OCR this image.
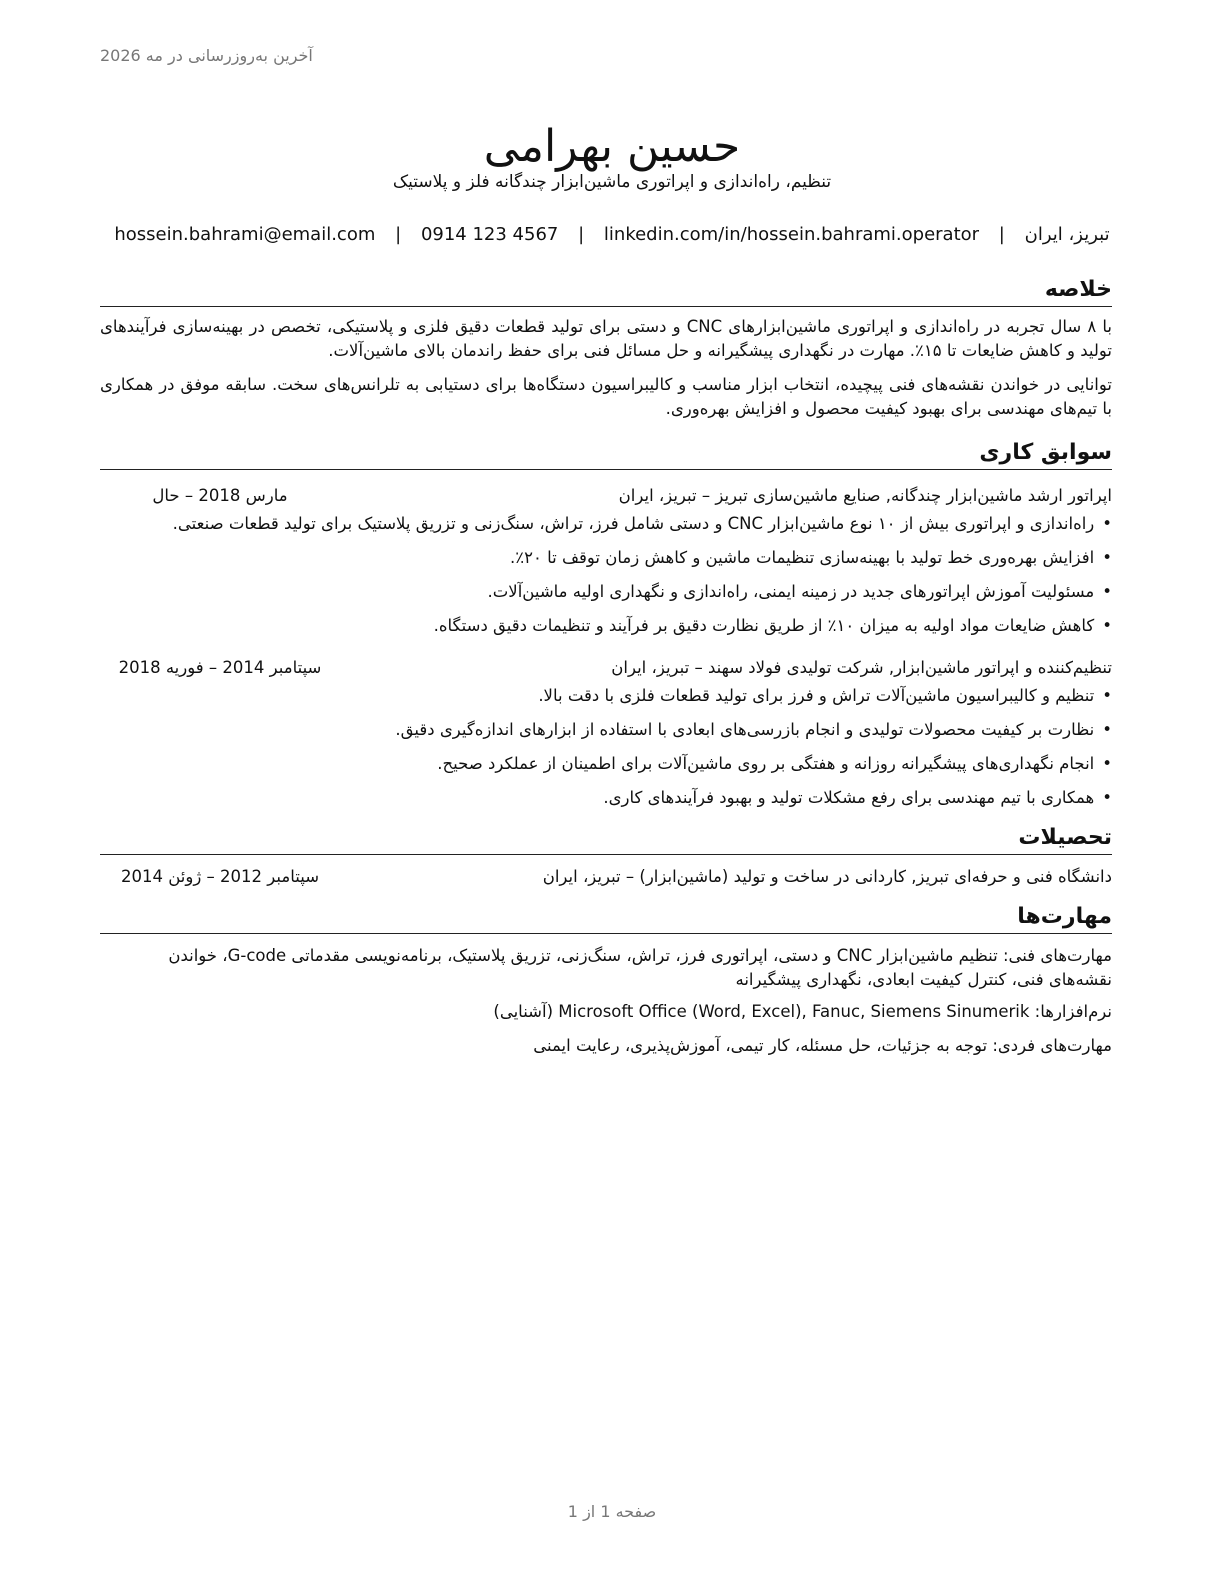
آخرین به‌روزرسانی در مه 2026
حسین بهرامی
تنظیم، راه‌اندازی و اپراتوری ماشین‌ابزار چندگانه فلز و پلاستیک
تبریز، ایران | hossein.bahrami@email.com | 0914 123 4567 | linkedin.com/in/hossein.bahrami.operator
خلاصه

با ۸ سال تجربه در راه‌اندازی و اپراتوری ماشین‌ابزارهای CNC و دستی برای تولید قطعات دقیق فلزی و پلاستیکی، تخصص در بهینه‌سازی فرآیندهای تولید و کاهش ضایعات تا ۱۵٪. مهارت در نگهداری پیشگیرانه و حل مسائل فنی برای حفظ راندمان بالای ماشین‌آلات.

توانایی در خواندن نقشه‌های فنی پیچیده، انتخاب ابزار مناسب و کالیبراسیون دستگاه‌ها برای دستیابی به تلرانس‌های سخت. سابقه موفق در همکاری با تیم‌های مهندسی برای بهبود کیفیت محصول و افزایش بهره‌وری.

سوابق کاری
اپراتور ارشد ماشین‌ابزار چندگانه, صنایع ماشین‌سازی تبریز – تبریز، ایران
مارس 2018 – حال
• راه‌اندازی و اپراتوری بیش از ۱۰ نوع ماشین‌ابزار CNC و دستی شامل فرز، تراش، سنگ‌زنی و تزریق پلاستیک برای تولید قطعات صنعتی.
• افزایش بهره‌وری خط تولید با بهینه‌سازی تنظیمات ماشین و کاهش زمان توقف تا ۲۰٪.
• مسئولیت آموزش اپراتورهای جدید در زمینه ایمنی، راه‌اندازی و نگهداری اولیه ماشین‌آلات.
• کاهش ضایعات مواد اولیه به میزان ۱۰٪ از طریق نظارت دقیق بر فرآیند و تنظیمات دقیق دستگاه.
تنظیم‌کننده و اپراتور ماشین‌ابزار, شرکت تولیدی فولاد سهند – تبریز، ایران
سپتامبر 2014 – فوریه 2018
• تنظیم و کالیبراسیون ماشین‌آلات تراش و فرز برای تولید قطعات فلزی با دقت بالا.
• نظارت بر کیفیت محصولات تولیدی و انجام بازرسی‌های ابعادی با استفاده از ابزارهای اندازه‌گیری دقیق.
• انجام نگهداری‌های پیشگیرانه روزانه و هفتگی بر روی ماشین‌آلات برای اطمینان از عملکرد صحیح.
• همکاری با تیم مهندسی برای رفع مشکلات تولید و بهبود فرآیندهای کاری.
تحصیلات
دانشگاه فنی و حرفه‌ای تبریز, کاردانی در ساخت و تولید (ماشین‌ابزار) – تبریز، ایران
سپتامبر 2012 – ژوئن 2014
مهارت‌ها

مهارت‌های فنی: تنظیم ماشین‌ابزار CNC و دستی، اپراتوری فرز، تراش، سنگ‌زنی، تزریق پلاستیک، برنامه‌نویسی مقدماتی G-code، خواندن نقشه‌های فنی، کنترل کیفیت ابعادی، نگهداری پیشگیرانه

نرم‌افزارها: Microsoft Office (Word, Excel), Fanuc, Siemens Sinumerik (آشنایی)

مهارت‌های فردی: توجه به جزئیات، حل مسئله، کار تیمی، آموزش‌پذیری، رعایت ایمنی

صفحه 1 از 1
